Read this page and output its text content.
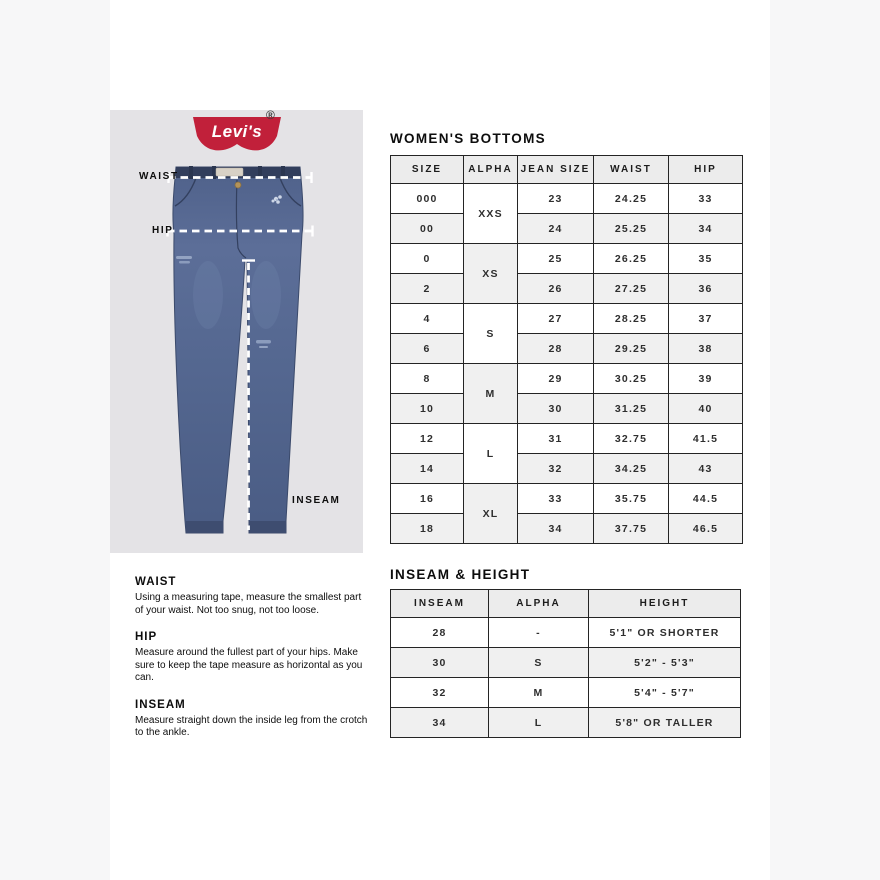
Levi's
®
WAIST
HIP
INSEAM
WOMEN'S BOTTOMS
SIZE	ALPHA	JEAN SIZE	WAIST	HIP
000	XXS	23	24.25	33
00		24	25.25	34
0	XS	25	26.25	35
2		26	27.25	36
4	S	27	28.25	37
6		28	29.25	38
8	M	29	30.25	39
10		30	31.25	40
12	L	31	32.75	41.5
14		32	34.25	43
16	XL	33	35.75	44.5
18		34	37.75	46.5
WAIST

Using a measuring tape, measure the smallest part of your waist. Not too snug, not too loose.

HIP

Measure around the fullest part of your hips. Make sure to keep the tape measure as horizontal as you can.

INSEAM

Measure straight down the inside leg from the crotch to the ankle.

INSEAM & HEIGHT
INSEAM	ALPHA	HEIGHT
28	-	5'1" OR SHORTER
30	S	5'2" - 5'3"
32	M	5'4" - 5'7"
34	L	5'8" OR TALLER
